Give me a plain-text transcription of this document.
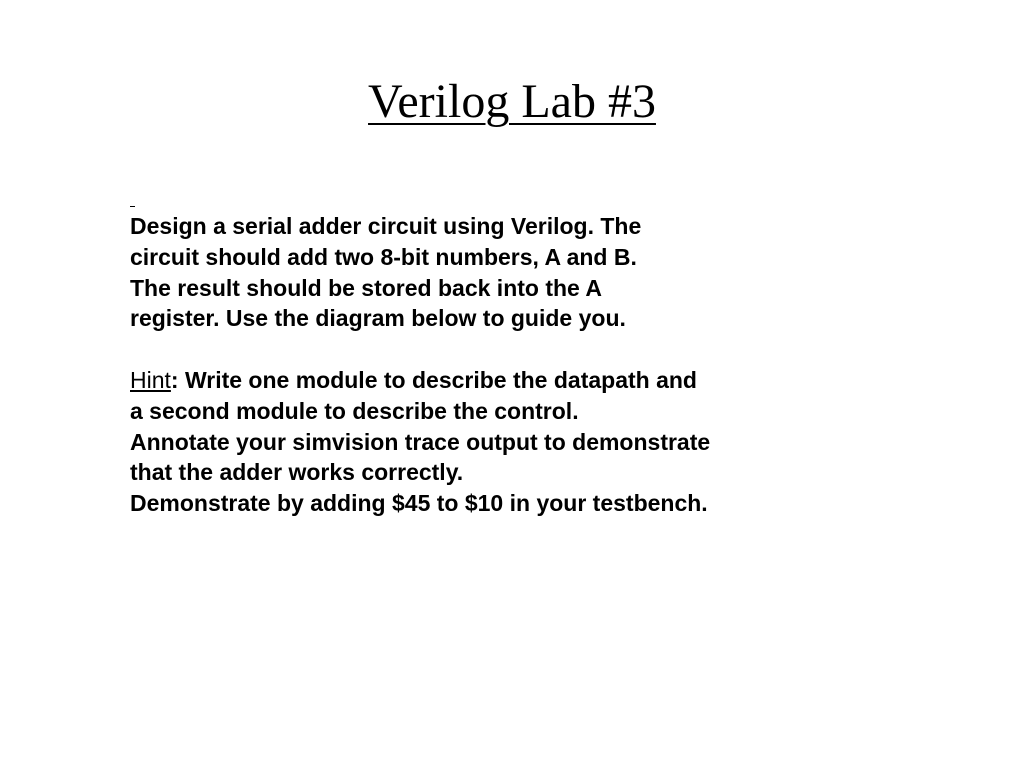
Verilog Lab #3
Design a serial adder circuit using Verilog. The
circuit should add two 8-bit numbers, A and B.
The result should be stored back into the A
register. Use the diagram below to guide you.
Hint: Write one module to describe the datapath and
a second module to describe the control.
Annotate your simvision trace output to demonstrate
that the adder works correctly.
Demonstrate by adding $45 to $10 in your testbench.
